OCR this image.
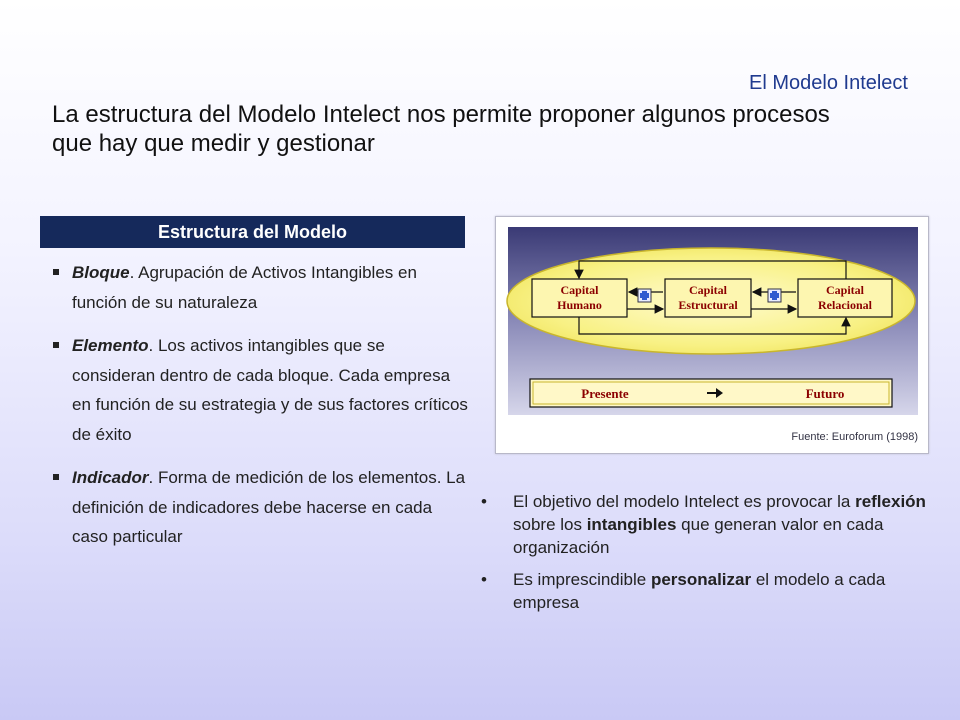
El Modelo Intelect
La estructura del Modelo Intelect nos permite proponer algunos procesos que hay que medir y gestionar
Estructura del Modelo
Bloque. Agrupación de Activos Intangibles en función de su naturaleza
Elemento. Los activos intangibles que se consideran dentro de cada bloque. Cada empresa en función de su estrategia y de sus factores críticos de éxito
Indicador. Forma de medición de los elementos. La definición de indicadores debe hacerse en cada caso particular
Capital
Humano
Capital
Estructural
Capital
Relacional
Presente	Futuro
Fuente: Euroforum (1998)
•	El objetivo del modelo Intelect es provocar la reflexión sobre los intangibles que generan valor en cada organización
•	Es imprescindible personalizar el modelo a cada empresa
